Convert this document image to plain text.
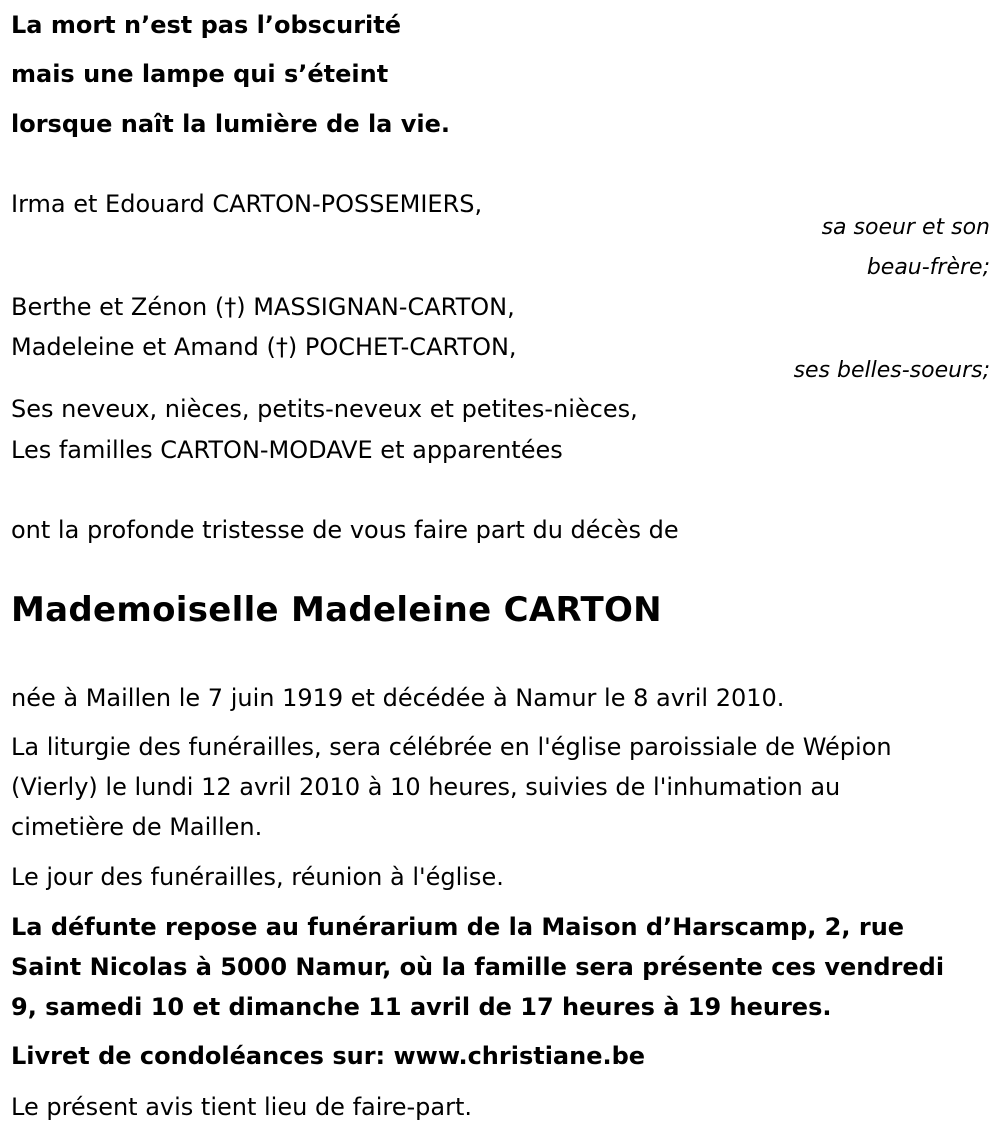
La mort n’est pas l’obscurité

mais une lampe qui s’éteint

lorsque naît la lumière de la vie.

Irma et Edouard CARTON-POSSEMIERS,

sa soeur et son

beau-frère;

Berthe et Zénon (†) MASSIGNAN-CARTON,

Madeleine et Amand (†) POCHET-CARTON,

ses belles-soeurs;

Ses neveux, nièces, petits-neveux et petites-nièces,

Les familles CARTON-MODAVE et apparentées

ont la profonde tristesse de vous faire part du décès de

Mademoiselle Madeleine CARTON

née à Maillen le 7 juin 1919 et décédée à Namur le 8 avril 2010.

La liturgie des funérailles, sera célébrée en l'église paroissiale de Wépion

(Vierly) le lundi 12 avril 2010 à 10 heures, suivies de l'inhumation au

cimetière de Maillen.

Le jour des funérailles, réunion à l'église.

La défunte repose au funérarium de la Maison d’Harscamp, 2, rue

Saint Nicolas à 5000 Namur, où la famille sera présente ces vendredi

9, samedi 10 et dimanche 11 avril de 17 heures à 19 heures.

Livret de condoléances sur: www.christiane.be

Le présent avis tient lieu de faire-part.
